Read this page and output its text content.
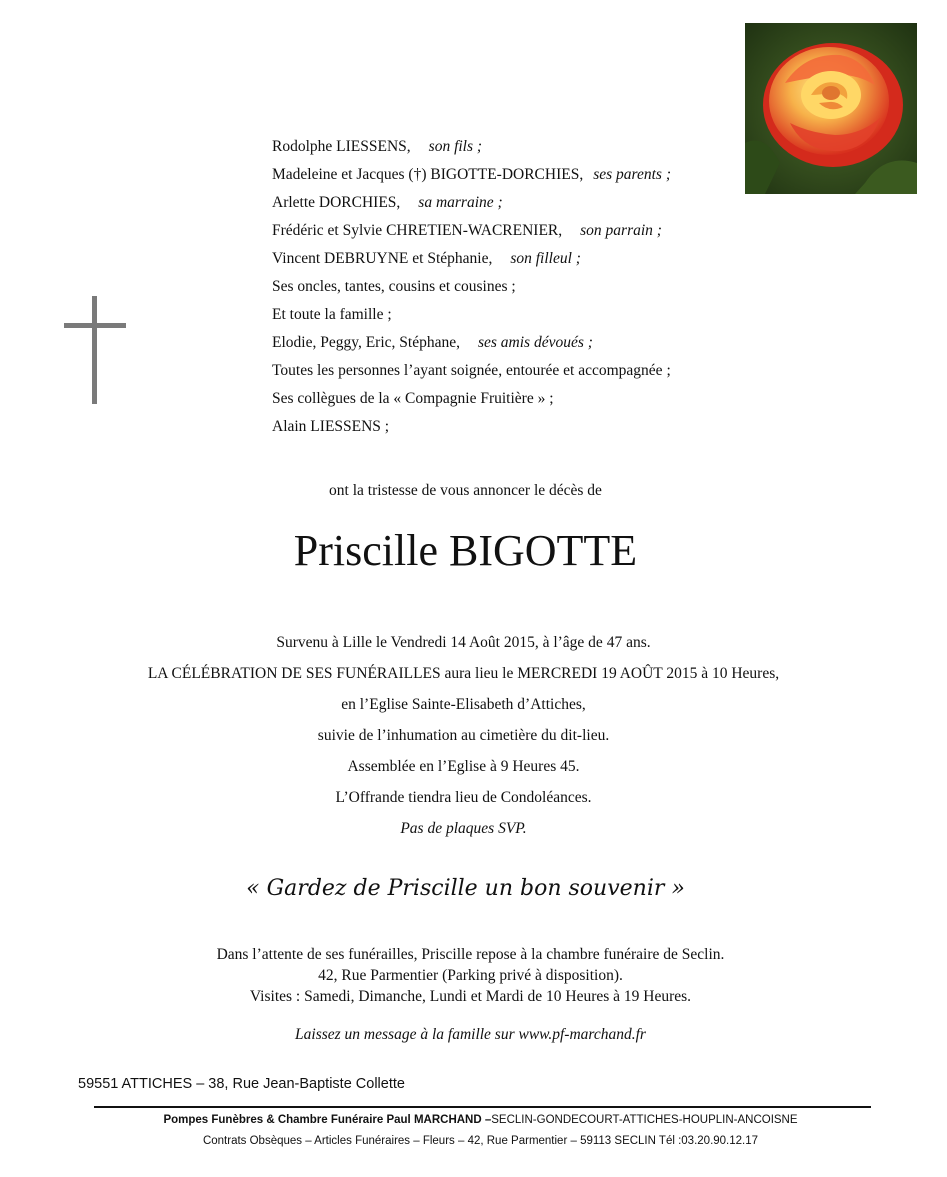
Rodolphe LIESSENS, son fils ;
Madeleine et Jacques (†) BIGOTTE-DORCHIES, ses parents ;
Arlette DORCHIES, sa marraine ;
Frédéric et Sylvie CHRETIEN-WACRENIER, son parrain ;
Vincent DEBRUYNE et Stéphanie, son filleul ;
Ses oncles, tantes, cousins et cousines ;
Et toute la famille ;
Elodie, Peggy, Eric, Stéphane, ses amis dévoués ;
Toutes les personnes l’ayant soignée, entourée et accompagnée ;
Ses collègues de la « Compagnie Fruitière » ;
Alain LIESSENS ;
ont la tristesse de vous annoncer le décès de
Priscille BIGOTTE
Survenu à Lille le Vendredi 14 Août 2015, à l’âge de 47 ans.
LA CÉLÉBRATION DE SES FUNÉRAILLES aura lieu le MERCREDI 19 AOÛT 2015 à 10 Heures,
en l’Eglise Sainte-Elisabeth d’Attiches,
suivie de l’inhumation au cimetière du dit-lieu.
Assemblée en l’Eglise à 9 Heures 45.
L’Offrande tiendra lieu de Condoléances.
Pas de plaques SVP.
« Gardez de Priscille un bon souvenir »
Dans l’attente de ses funérailles, Priscille repose à la chambre funéraire de Seclin.
42, Rue Parmentier (Parking privé à disposition).
Visites : Samedi, Dimanche, Lundi et Mardi de 10 Heures à 19 Heures.
Laissez un message à la famille sur www.pf-marchand.fr
59551 ATTICHES – 38, Rue Jean-Baptiste Collette
Pompes Funèbres & Chambre Funéraire Paul MARCHAND –SECLIN-GONDECOURT-ATTICHES-HOUPLIN-ANCOISNE
Contrats Obsèques – Articles Funéraires – Fleurs – 42, Rue Parmentier – 59113 SECLIN Tél :03.20.90.12.17
